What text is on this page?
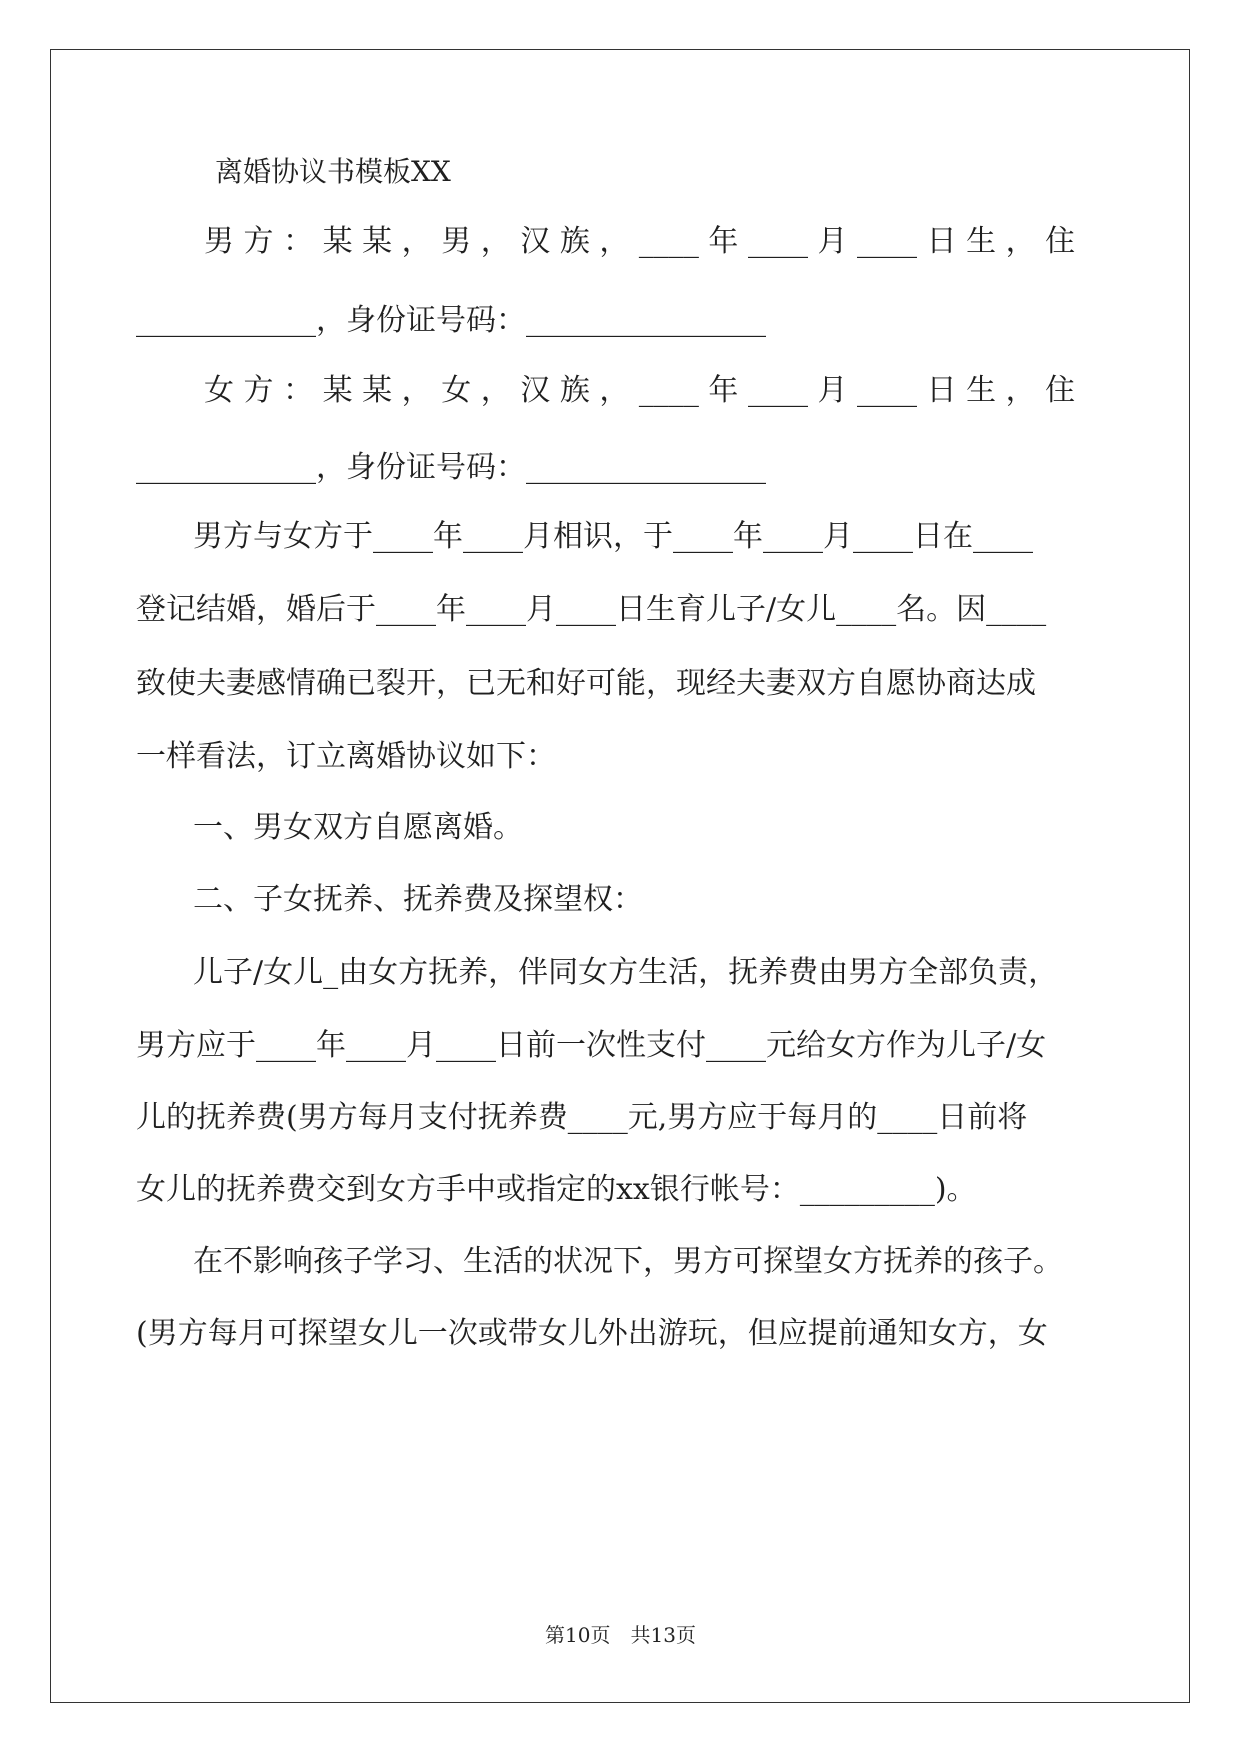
离婚协议书模板XX
男 方 ： 某 某 ， 男 ， 汉 族 ， ____ 年 ____ 月 ____ 日 生 ， 住
____________，身份证号码：________________
女 方 ： 某 某 ， 女 ， 汉 族 ， ____ 年 ____ 月 ____ 日 生 ， 住
____________，身份证号码：________________
男方与女方于____年____月相识，于____年____月____日在____
登记结婚，婚后于____年____月____日生育儿子/女儿____名。因____
致使夫妻感情确已裂开，已无和好可能，现经夫妻双方自愿协商达成
一样看法，订立离婚协议如下：
一、男女双方自愿离婚。
二、子女抚养、抚养费及探望权：
儿子/女儿_由女方抚养，伴同女方生活，抚养费由男方全部负责，
男方应于____年____月____日前一次性支付____元给女方作为儿子/女
儿的抚养费(男方每月支付抚养费____元,男方应于每月的____日前将
女儿的抚养费交到女方手中或指定的xx银行帐号：_________)。
在不影响孩子学习、生活的状况下，男方可探望女方抚养的孩子。
(男方每月可探望女儿一次或带女儿外出游玩，但应提前通知女方，女
第10页　共13页
